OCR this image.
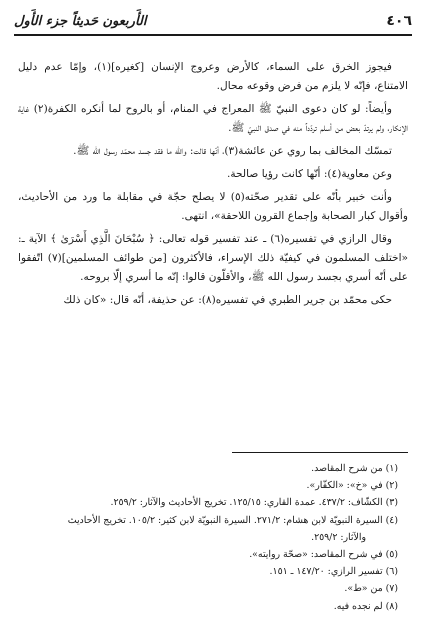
٤٠٦
الأَربعون حَديثاً جزء الأَول

فيجوز الخرق على السماء، كالأرض وعروج الإنسان [كغيره](١)، وإمّا عدم دليل الامتناع، فإنّه لا يلزم من فرض وقوعه محال.

وأيضاً: لو كان دعوى النبيّ ﷺ المعراج في المنام، أو بالروح لما أنكره الكفرة(٢) غاية الإنكار، ولم يرتدّ بعض من أسلم تردّداً منه في صدق النبيّ ﷺ.

تمسّك المخالف بما روي عن عائشة(٣)، أنّها قالت: والله ما فقد جسد محمّد رسول الله ﷺ.

وعن معاوية(٤): أنّها كانت رؤيا صالحة.

وأنت خبير بأنّه على تقدير صحّته(٥) لا يصلح حجّة في مقابلة ما ورد من الأحاديث، وأقوال كبار الصحابة وإجماع القرون اللاحقة»، انتهى.

وقال الرازي في تفسيره(٦) ـ عند تفسير قوله تعالى: ﴿ سُبْحَانَ الَّذِي أَسْرَىٰ ﴾ الآية ـ: «اختلف المسلمون في كيفيّة ذلك الإسراء، فالأكثرون [من طوائف المسلمين](٧) اتّفقوا على أنّه أسري بجسد رسول الله ﷺ، والأقلّون قالوا: إنّه ما أسري إلّا بروحه.

حكى محمّد بن جرير الطبري في تفسيره(٨): عن حذيفة، أنّه قال: «كان ذلك

(١) من شرح المقاصد.
(٢) في «خ»: «الكفّار».
(٣) الكشّاف: ٤٣٧/٢. عمدة القاري: ١٢٥/١٥. تخريج الأحاديث والآثار: ٢٥٩/٢.
(٤) السيرة النبويّة لابن هشام: ٢٧١/٢. السيرة النبويّة لابن كثير: ١٠٥/٢. تخريج الأحاديث
والآثار: ٢٥٩/٢.
(٥) في شرح المقاصد: «صحّة روايته».
(٦) تفسير الرازي: ١٤٧/٢٠ ـ ١٥١.
(٧) من «ط».
(٨) لم نجده فيه.
